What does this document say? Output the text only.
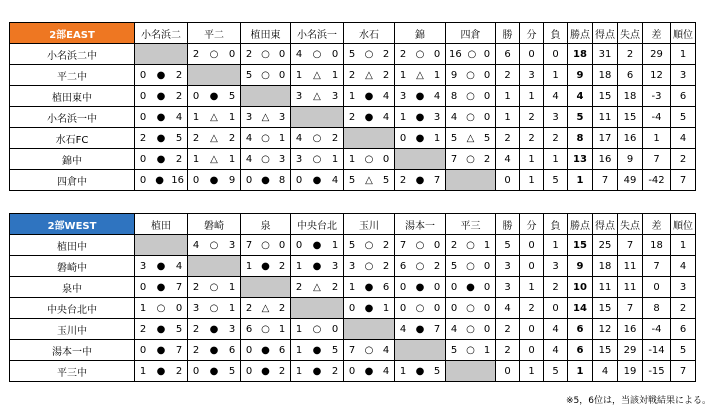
2部EAST	小名浜二	平二	植田東	小名浜一	水石	錦	四倉	勝	分	負	勝点	得点	失点	差	順位
小名浜二中		2 ○ 0	2 ○ 0	4 ○ 0	5 ○ 2	2 ○ 0	16 ○ 0	6	0	0	18	31	2	29	1
平二中	0 ● 2		5 ○ 0	1 △ 1	2 △ 2	1 △ 1	9 ○ 0	2	3	1	9	18	6	12	3
植田東中	0 ● 2	0 ● 5		3 △ 3	1 ● 4	3 ● 4	8 ○ 0	1	1	4	4	15	18	-3	6
小名浜一中	0 ● 4	1 △ 1	3 △ 3		2 ● 4	1 ● 3	4 ○ 0	1	2	3	5	11	15	-4	5
水石FC	2 ● 5	2 △ 2	4 ○ 1	4 ○ 2		0 ● 1	5 △ 5	2	2	2	8	17	16	1	4
錦中	0 ● 2	1 △ 1	4 ○ 3	3 ○ 1	1 ○ 0		7 ○ 2	4	1	1	13	16	9	7	2
四倉中	0 ● 16	0 ● 9	0 ● 8	0 ● 4	5 △ 5	2 ● 7		0	1	5	1	7	49	-42	7
2部WEST	植田	磐崎	泉	中央台北	玉川	湯本一	平三	勝	分	負	勝点	得点	失点	差	順位
植田中		4 ○ 3	7 ○ 0	0 ● 1	5 ○ 2	7 ○ 0	2 ○ 1	5	0	1	15	25	7	18	1
磐崎中	3 ● 4		1 ● 2	1 ● 3	3 ○ 2	6 ○ 2	5 ○ 0	3	0	3	9	18	11	7	4
泉中	0 ● 7	2 ○ 1		2 △ 2	1 ● 6	0 ● 0	0 ● 0	3	1	2	10	11	11	0	3
中央台北中	1 ○ 0	3 ○ 1	2 △ 2		0 ● 1	0 ○ 0	0 ○ 0	4	2	0	14	15	7	8	2
玉川中	2 ● 5	2 ● 3	6 ○ 1	1 ○ 0		4 ● 7	4 ○ 0	2	0	4	6	12	16	-4	6
湯本一中	0 ● 7	2 ● 6	0 ● 6	1 ● 5	7 ○ 4		5 ○ 1	2	0	4	6	15	29	-14	5
平三中	1 ● 2	0 ● 5	0 ● 2	1 ● 2	0 ● 4	1 ● 5		0	1	5	1	4	19	-15	7
※5，6位は，当該対戦結果による。
